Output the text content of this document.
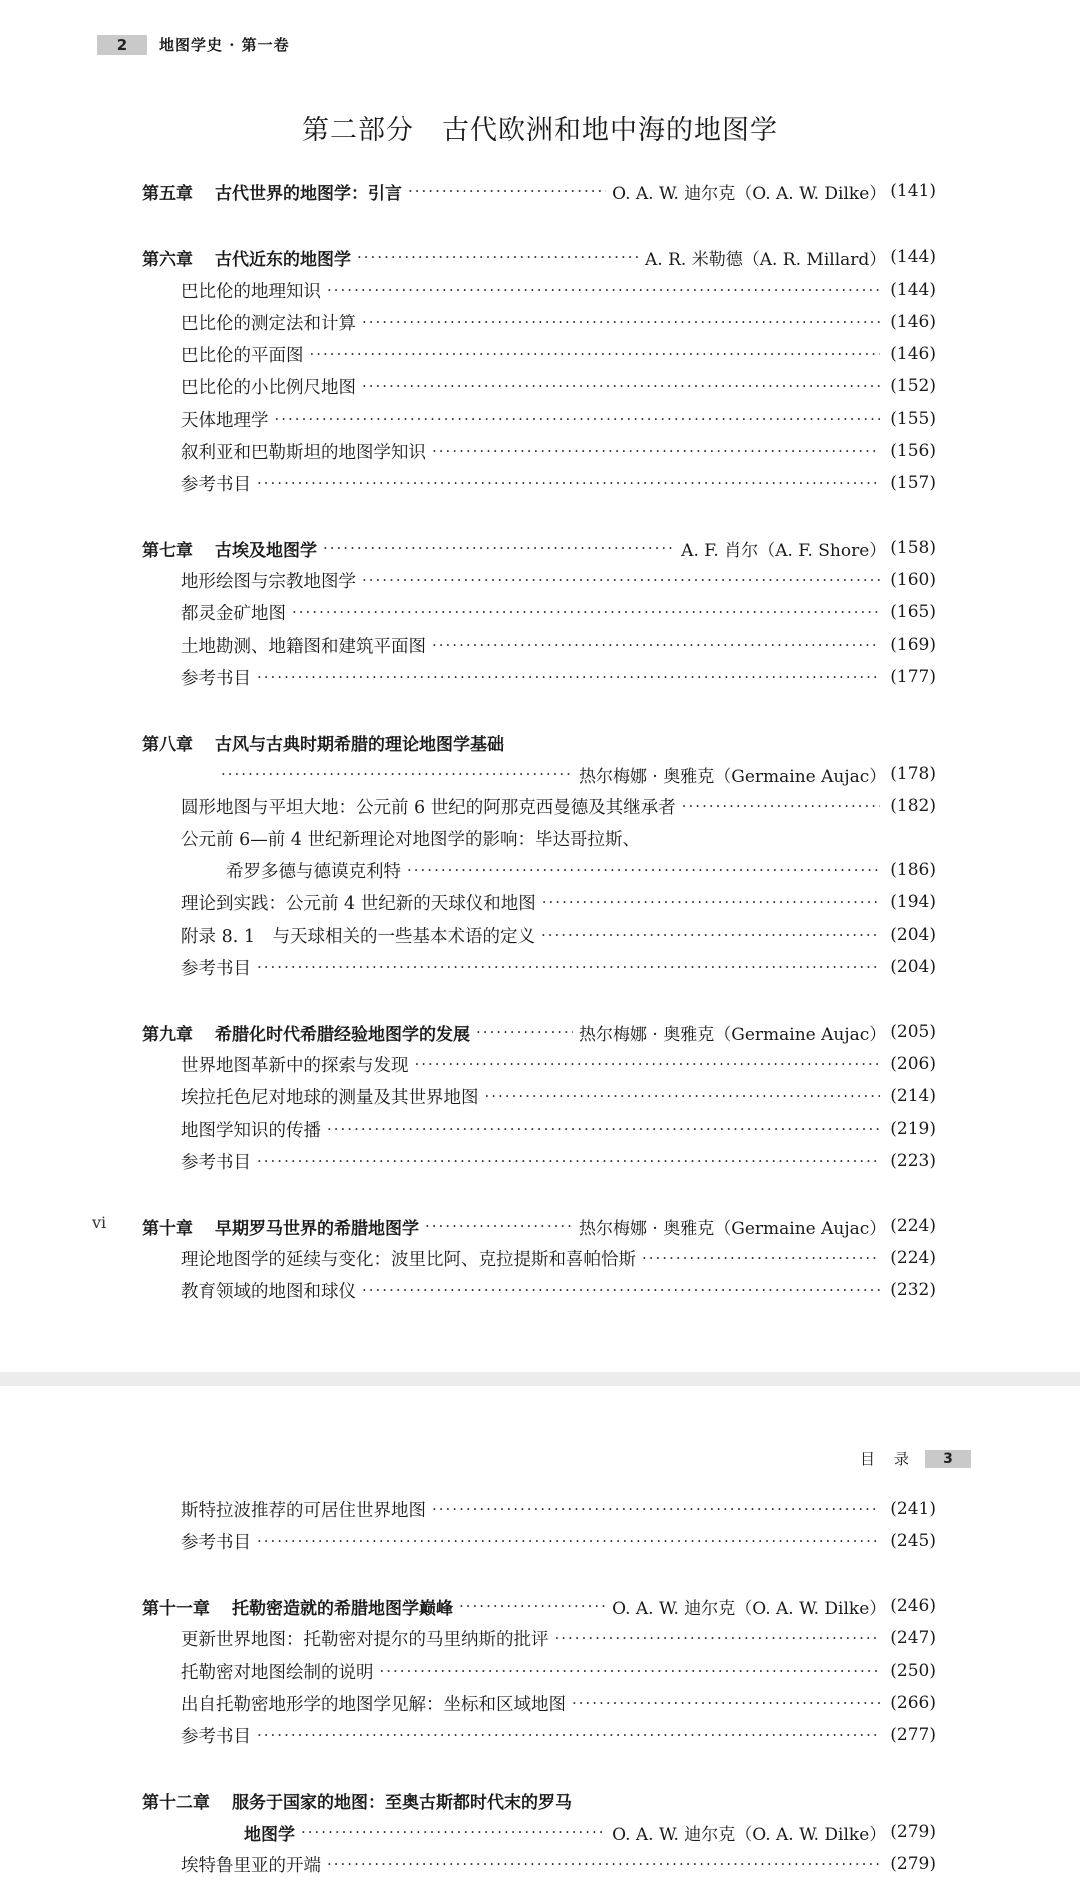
2	地图学史 · 第一卷
第二部分　古代欧洲和地中海的地图学
vi
第五章 古代世界的地图学：引言 ·····	O. A. W. 迪尔克（O. A. W. Dilke） (141)
第六章 古代近东的地图学 ·····	A. R. 米勒德（A. R. Millard） (144)
巴比伦的地理知识 ·····	(144)
巴比伦的测定法和计算 ·····	(146)
巴比伦的平面图 ·····	(146)
巴比伦的小比例尺地图 ·····	(152)
天体地理学 ·····	(155)
叙利亚和巴勒斯坦的地图学知识 ·····	(156)
参考书目 ·····	(157)
第七章 古埃及地图学 ·····	A. F. 肖尔（A. F. Shore） (158)
地形绘图与宗教地图学 ·····	(160)
都灵金矿地图 ·····	(165)
土地勘测、地籍图和建筑平面图 ·····	(169)
参考书目 ·····	(177)
第八章 古风与古典时期希腊的理论地图学基础
·····
热尔梅娜 · 奥雅克（Germaine Aujac） (178)
圆形地图与平坦大地：公元前 6 世纪的阿那克西曼德及其继承者 ·····	(182)
公元前 6—前 4 世纪新理论对地图学的影响：毕达哥拉斯、
希罗多德与德谟克利特 ·····	(186)
理论到实践：公元前 4 世纪新的天球仪和地图 ·····	(194)
附录 8. 1　与天球相关的一些基本术语的定义 ·····	(204)
参考书目 ·····	(204)
第九章 希腊化时代希腊经验地图学的发展 ·····	热尔梅娜 · 奥雅克（Germaine Aujac） (205)
世界地图革新中的探索与发现 ·····	(206)
埃拉托色尼对地球的测量及其世界地图 ·····	(214)
地图学知识的传播 ·····	(219)
参考书目 ·····	(223)
第十章 早期罗马世界的希腊地图学 ·····	热尔梅娜 · 奥雅克（Germaine Aujac） (224)
理论地图学的延续与变化：波里比阿、克拉提斯和喜帕恰斯 ·····	(224)
教育领域的地图和球仪 ·····	(232)
目　录	3
斯特拉波推荐的可居住世界地图 ·····	(241)
参考书目 ·····	(245)
第十一章 托勒密造就的希腊地图学巅峰 ·····	O. A. W. 迪尔克（O. A. W. Dilke） (246)
更新世界地图：托勒密对提尔的马里纳斯的批评 ·····	(247)
托勒密对地图绘制的说明 ·····	(250)
出自托勒密地形学的地图学见解：坐标和区域地图 ·····	(266)
参考书目 ·····	(277)
第十二章 服务于国家的地图：至奥古斯都时代末的罗马
地图学 ·····	O. A. W. 迪尔克（O. A. W. Dilke） (279)
埃特鲁里亚的开端 ·····	(279)
